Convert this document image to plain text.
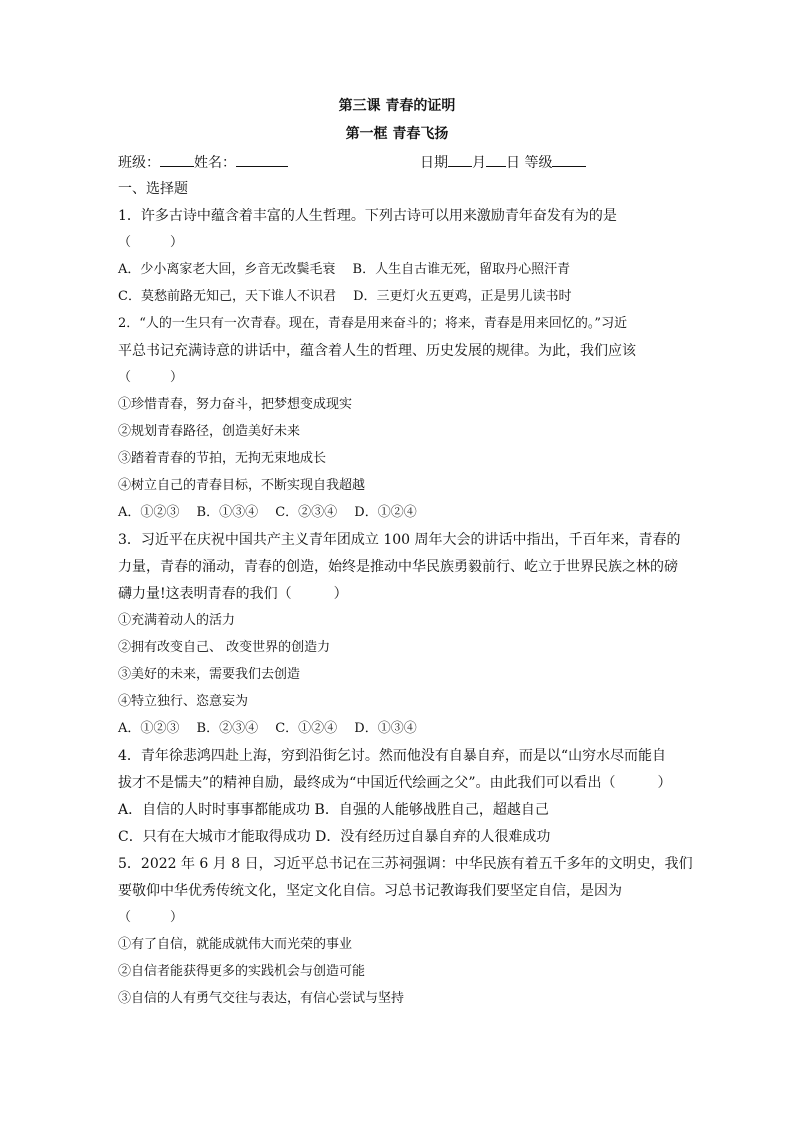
第三课 青春的证明
第一框 青春飞扬
班级： 姓名：	日期 月 日 等级
一、选择题
1．许多古诗中蕴含着丰富的人生哲理。下列古诗可以用来激励青年奋发有为的是
（　　　）
A．少小离家老大回，乡音无改鬓毛衰　 B．人生自古谁无死，留取丹心照汗青
C．莫愁前路无知己，天下谁人不识君　 D．三更灯火五更鸡，正是男儿读书时
2．“人的一生只有一次青春。现在，青春是用来奋斗的；将来，青春是用来回忆的。”习近
平总书记充满诗意的讲话中，蕴含着人生的哲理、历史发展的规律。为此，我们应该
（　　　）
①珍惜青春，努力奋斗，把梦想变成现实
②规划青春路径，创造美好未来
③踏着青春的节拍，无拘无束地成长
④树立自己的青春目标，不断实现自我超越
A．①②③　 B．①③④　 C．②③④　 D．①②④
3．习近平在庆祝中国共产主义青年团成立 100 周年大会的讲话中指出，千百年来，青春的
力量，青春的涌动，青春的创造，始终是推动中华民族勇毅前行、屹立于世界民族之林的磅
礴力量!这表明青春的我们（　　　）
①充满着动人的活力
②拥有改变自己、 改变世界的创造力
③美好的未来，需要我们去创造
④特立独行、恣意妄为
A．①②③　 B．②③④　 C．①②④　 D．①③④
4．青年徐悲鸿四赴上海，穷到沿街乞讨。然而他没有自暴自弃，而是以“山穷水尽而能自
拔才不是懦夫”的精神自励，最终成为“中国近代绘画之父”。由此我们可以看出（　　　）
A．自信的人时时事事都能成功 B．自强的人能够战胜自己，超越自己
C．只有在大城市才能取得成功 D．没有经历过自暴自弃的人很难成功
5．2022 年 6 月 8 日，习近平总书记在三苏祠强调：中华民族有着五千多年的文明史，我们
要敬仰中华优秀传统文化，坚定文化自信。习总书记教诲我们要坚定自信，是因为
（　　　）
①有了自信，就能成就伟大而光荣的事业
②自信者能获得更多的实践机会与创造可能
③自信的人有勇气交往与表达，有信心尝试与坚持
